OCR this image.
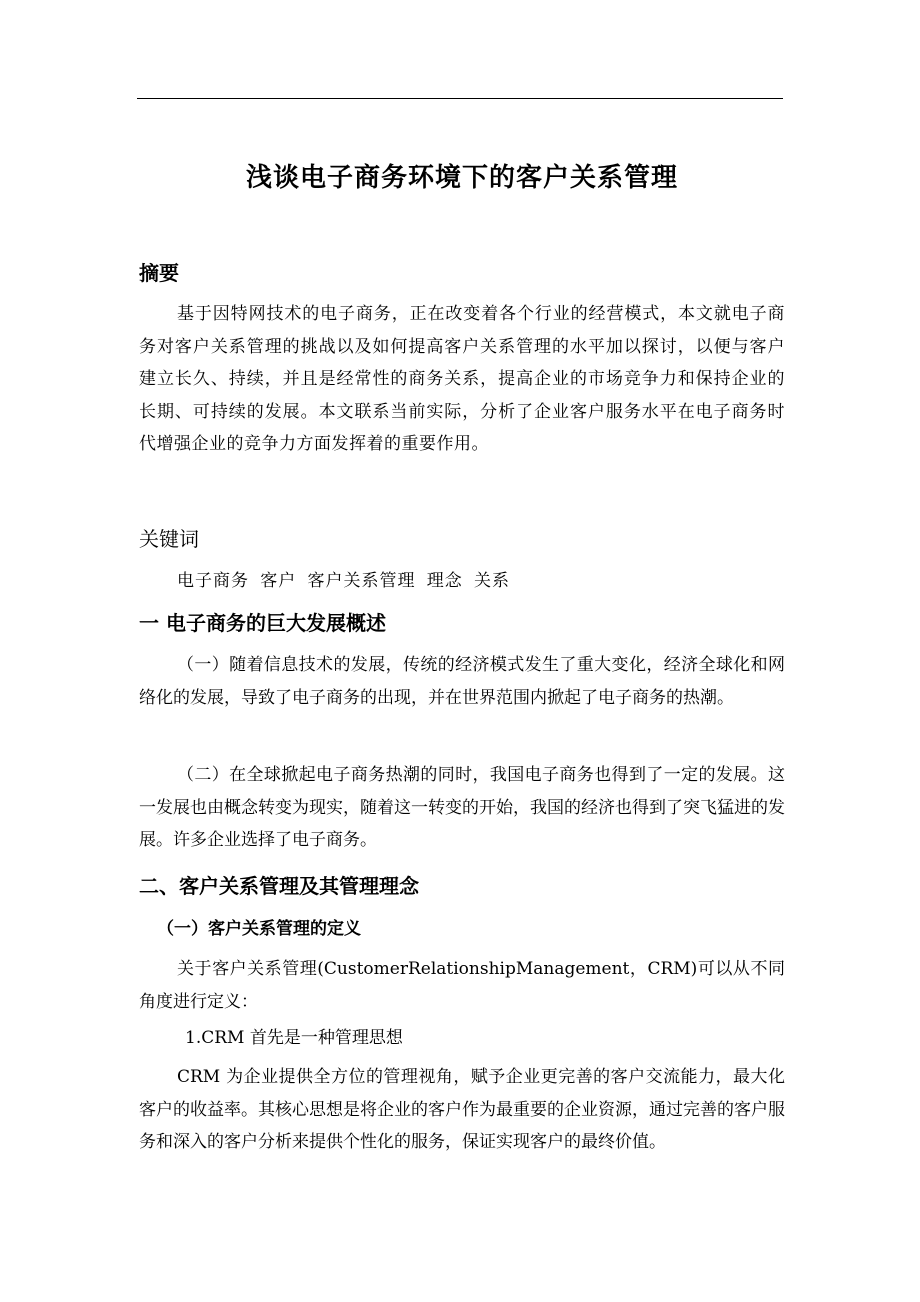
浅谈电子商务环境下的客户关系管理
摘要
基于因特网技术的电子商务，正在改变着各个行业的经营模式，本文就电子商务对客户关系管理的挑战以及如何提高客户关系管理的水平加以探讨，以便与客户建立长久、持续，并且是经常性的商务关系，提高企业的市场竞争力和保持企业的长期、可持续的发展。本文联系当前实际，分析了企业客户服务水平在电子商务时代增强企业的竞争力方面发挥着的重要作用。
关键词
电子商务 客户 客户关系管理 理念 关系
一 电子商务的巨大发展概述
（一）随着信息技术的发展，传统的经济模式发生了重大变化，经济全球化和网络化的发展，导致了电子商务的出现，并在世界范围内掀起了电子商务的热潮。
（二）在全球掀起电子商务热潮的同时，我国电子商务也得到了一定的发展。这一发展也由概念转变为现实，随着这一转变的开始，我国的经济也得到了突飞猛进的发展。许多企业选择了电子商务。
二、客户关系管理及其管理理念
（一）客户关系管理的定义
关于客户关系管理(CustomerRelationshipManagement，CRM)可以从不同角度进行定义：
1.CRM 首先是一种管理思想
CRM 为企业提供全方位的管理视角，赋予企业更完善的客户交流能力，最大化客户的收益率。其核心思想是将企业的客户作为最重要的企业资源，通过完善的客户服务和深入的客户分析来提供个性化的服务，保证实现客户的最终价值。
